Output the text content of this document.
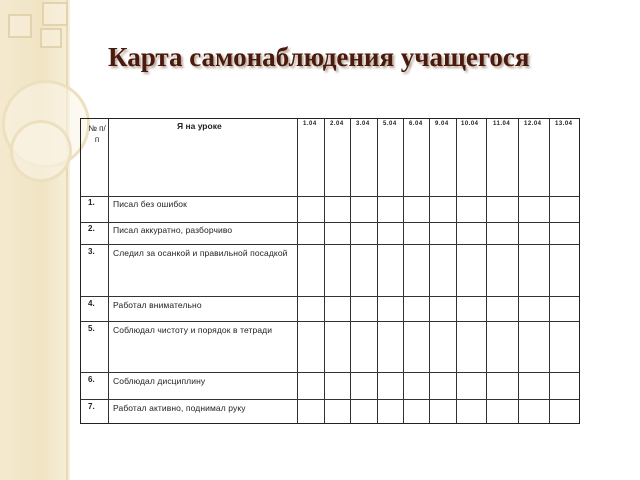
Карта самонаблюдения учащегося
№ п/п
Я на уроке	1.04 2.04 3.04 5.04 6.04 9.04 10.04 11.04 12.04 13.04
1. Писал без ошибок
2. Писал аккуратно, разборчиво
3. Следил за осанкой и правильной посадкой
4. Работал внимательно
5. Соблюдал чистоту и порядок в тетради
6. Соблюдал дисциплину
7. Работал активно, поднимал руку
